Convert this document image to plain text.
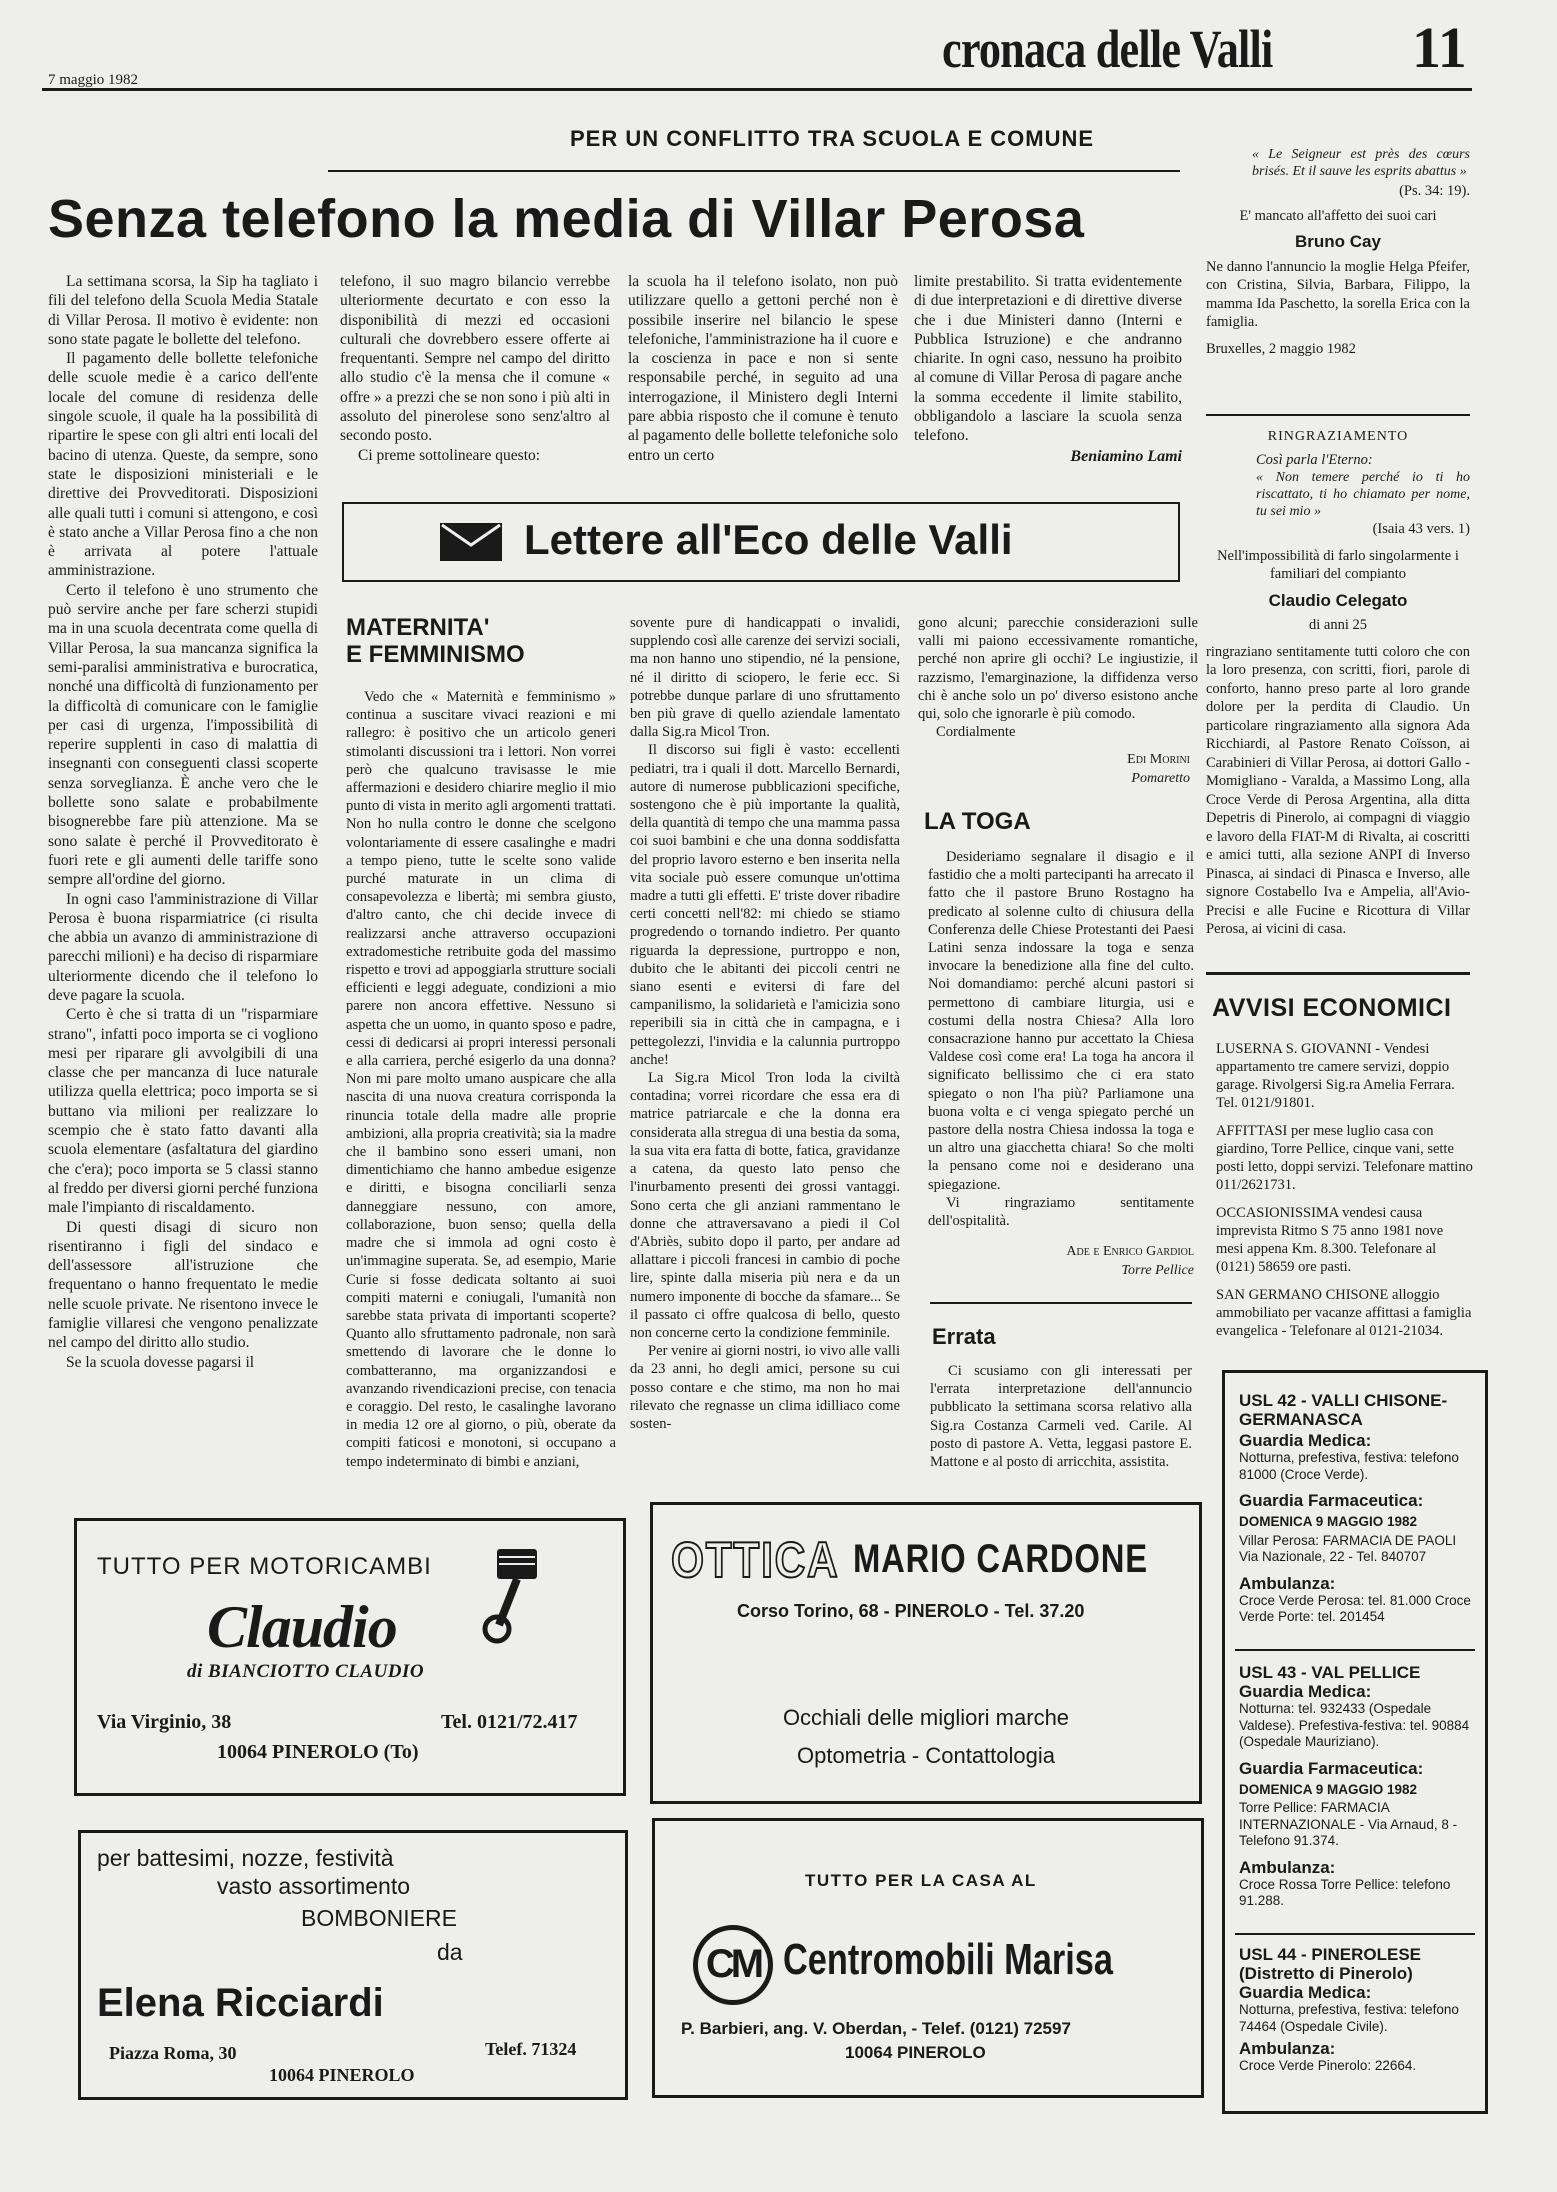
7 maggio 1982
cronaca delle Valli 11
PER UN CONFLITTO TRA SCUOLA E COMUNE
Senza telefono la media di Villar Perosa

La settimana scorsa, la Sip ha tagliato i fili del telefono della Scuola Media Statale di Villar Perosa. Il motivo è evidente: non sono state pagate le bollette del telefono.

Il pagamento delle bollette telefoniche delle scuole medie è a carico dell'ente locale del comune di residenza delle singole scuole, il quale ha la possibilità di ripartire le spese con gli altri enti locali del bacino di utenza. Queste, da sempre, sono state le disposizioni ministeriali e le direttive dei Provveditorati. Disposizioni alle quali tutti i comuni si attengono, e così è stato anche a Villar Perosa fino a che non è arrivata al potere l'attuale amministrazione.

Certo il telefono è uno strumento che può servire anche per fare scherzi stupidi ma in una scuola decentrata come quella di Villar Perosa, la sua mancanza significa la semi-paralisi amministrativa e burocratica, nonché una difficoltà di funzionamento per la difficoltà di comunicare con le famiglie per casi di urgenza, l'impossibilità di reperire supplenti in caso di malattia di insegnanti con conseguenti classi scoperte senza sorveglianza. È anche vero che le bollette sono salate e probabilmente bisognerebbe fare più attenzione. Ma se sono salate è perché il Provveditorato è fuori rete e gli aumenti delle tariffe sono sempre all'ordine del giorno.

In ogni caso l'amministrazione di Villar Perosa è buona risparmiatrice (ci risulta che abbia un avanzo di amministrazione di parecchi milioni) e ha deciso di risparmiare ulteriormente dicendo che il telefono lo deve pagare la scuola.

Certo è che si tratta di un "risparmiare strano", infatti poco importa se ci vogliono mesi per riparare gli avvolgibili di una classe che per mancanza di luce naturale utilizza quella elettrica; poco importa se si buttano via milioni per realizzare lo scempio che è stato fatto davanti alla scuola elementare (asfaltatura del giardino che c'era); poco importa se 5 classi stanno al freddo per diversi giorni perché funziona male l'impianto di riscaldamento.

Di questi disagi di sicuro non risentiranno i figli del sindaco e dell'assessore all'istruzione che frequentano o hanno frequentato le medie nelle scuole private. Ne risentono invece le famiglie villaresi che vengono penalizzate nel campo del diritto allo studio.

Se la scuola dovesse pagarsi il

telefono, il suo magro bilancio verrebbe ulteriormente decurtato e con esso la disponibilità di mezzi ed occasioni culturali che dovrebbero essere offerte ai frequentanti. Sempre nel campo del diritto allo studio c'è la mensa che il comune « offre » a prezzi che se non sono i più alti in assoluto del pinerolese sono senz'altro al secondo posto.

Ci preme sottolineare questo:

la scuola ha il telefono isolato, non può utilizzare quello a gettoni perché non è possibile inserire nel bilancio le spese telefoniche, l'amministrazione ha il cuore e la coscienza in pace e non si sente responsabile perché, in seguito ad una interrogazione, il Ministero degli Interni pare abbia risposto che il comune è tenuto al pagamento delle bollette telefoniche solo entro un certo

limite prestabilito. Si tratta evidentemente di due interpretazioni e di direttive diverse che i due Ministeri danno (Interni e Pubblica Istruzione) e che andranno chiarite. In ogni caso, nessuno ha proibito al comune di Villar Perosa di pagare anche la somma eccedente il limite stabilito, obbligandolo a lasciare la scuola senza telefono.

Beniamino Lami
Lettere all'Eco delle Valli
MATERNITA'
E FEMMINISMO

Vedo che « Maternità e femminismo » continua a suscitare vivaci reazioni e mi rallegro: è positivo che un articolo generi stimolanti discussioni tra i lettori. Non vorrei però che qualcuno travisasse le mie affermazioni e desidero chiarire meglio il mio punto di vista in merito agli argomenti trattati. Non ho nulla contro le donne che scelgono volontariamente di essere casalinghe e madri a tempo pieno, tutte le scelte sono valide purché maturate in un clima di consapevolezza e libertà; mi sembra giusto, d'altro canto, che chi decide invece di realizzarsi anche attraverso occupazioni extradomestiche retribuite goda del massimo rispetto e trovi ad appoggiarla strutture sociali efficienti e leggi adeguate, condizioni a mio parere non ancora effettive. Nessuno si aspetta che un uomo, in quanto sposo e padre, cessi di dedicarsi ai propri interessi personali e alla carriera, perché esigerlo da una donna? Non mi pare molto umano auspicare che alla nascita di una nuova creatura corrisponda la rinuncia totale della madre alle proprie ambizioni, alla propria creatività; sia la madre che il bambino sono esseri umani, non dimentichiamo che hanno ambedue esigenze e diritti, e bisogna conciliarli senza danneggiare nessuno, con amore, collaborazione, buon senso; quella della madre che si immola ad ogni costo è un'immagine superata. Se, ad esempio, Marie Curie si fosse dedicata soltanto ai suoi compiti materni e coniugali, l'umanità non sarebbe stata privata di importanti scoperte? Quanto allo sfruttamento padronale, non sarà smettendo di lavorare che le donne lo combatteranno, ma organizzandosi e avanzando rivendicazioni precise, con tenacia e coraggio. Del resto, le casalinghe lavorano in media 12 ore al giorno, o più, oberate da compiti faticosi e monotoni, si occupano a tempo indeterminato di bimbi e anziani,

sovente pure di handicappati o invalidi, supplendo così alle carenze dei servizi sociali, ma non hanno uno stipendio, né la pensione, né il diritto di sciopero, le ferie ecc. Si potrebbe dunque parlare di uno sfruttamento ben più grave di quello aziendale lamentato dalla Sig.ra Micol Tron.

Il discorso sui figli è vasto: eccellenti pediatri, tra i quali il dott. Marcello Bernardi, autore di numerose pubblicazioni specifiche, sostengono che è più importante la qualità, della quantità di tempo che una mamma passa coi suoi bambini e che una donna soddisfatta del proprio lavoro esterno e ben inserita nella vita sociale può essere comunque un'ottima madre a tutti gli effetti. E' triste dover ribadire certi concetti nell'82: mi chiedo se stiamo progredendo o tornando indietro. Per quanto riguarda la depressione, purtroppo e non, dubito che le abitanti dei piccoli centri ne siano esenti e evitersi di fare del campanilismo, la solidarietà e l'amicizia sono reperibili sia in città che in campagna, e i pettegolezzi, l'invidia e la calunnia purtroppo anche!

La Sig.ra Micol Tron loda la civiltà contadina; vorrei ricordare che essa era di matrice patriarcale e che la donna era considerata alla stregua di una bestia da soma, la sua vita era fatta di botte, fatica, gravidanze a catena, da questo lato penso che l'inurbamento presenti dei grossi vantaggi. Sono certa che gli anziani rammentano le donne che attraversavano a piedi il Col d'Abriès, subito dopo il parto, per andare ad allattare i piccoli francesi in cambio di poche lire, spinte dalla miseria più nera e da un numero imponente di bocche da sfamare... Se il passato ci offre qualcosa di bello, questo non concerne certo la condizione femminile.

Per venire ai giorni nostri, io vivo alle valli da 23 anni, ho degli amici, persone su cui posso contare e che stimo, ma non ho mai rilevato che regnasse un clima idilliaco come sosten-

gono alcuni; parecchie considerazioni sulle valli mi paiono eccessivamente romantiche, perché non aprire gli occhi? Le ingiustizie, il razzismo, l'emarginazione, la diffidenza verso chi è anche solo un po' diverso esistono anche qui, solo che ignorarle è più comodo.

Cordialmente

Edi Morini
Pomaretto
LA TOGA

Desideriamo segnalare il disagio e il fastidio che a molti partecipanti ha arrecato il fatto che il pastore Bruno Rostagno ha predicato al solenne culto di chiusura della Conferenza delle Chiese Protestanti dei Paesi Latini senza indossare la toga e senza invocare la benedizione alla fine del culto. Noi domandiamo: perché alcuni pastori si permettono di cambiare liturgia, usi e costumi della nostra Chiesa? Alla loro consacrazione hanno pur accettato la Chiesa Valdese così come era! La toga ha ancora il significato bellissimo che ci era stato spiegato o non l'ha più? Parliamone una buona volta e ci venga spiegato perché un pastore della nostra Chiesa indossa la toga e un altro una giacchetta chiara! So che molti la pensano come noi e desiderano una spiegazione.

Vi ringraziamo sentitamente dell'ospitalità.

Ade e Enrico Gardiol
Torre Pellice
Errata

Ci scusiamo con gli interessati per l'errata interpretazione dell'annuncio pubblicato la settimana scorsa relativo alla Sig.ra Costanza Carmeli ved. Carile. Al posto di pastore A. Vetta, leggasi pastore E. Mattone e al posto di arricchita, assistita.

« Le Seigneur est près des cœurs brisés. Et il sauve les esprits abattus »
(Ps. 34: 19).
E' mancato all'affetto dei suoi cari
Bruno Cay
Ne danno l'annuncio la moglie Helga Pfeifer, con Cristina, Silvia, Barbara, Filippo, la mamma Ida Paschetto, la sorella Erica con la famiglia.
Bruxelles, 2 maggio 1982
RINGRAZIAMENTO
Così parla l'Eterno:
« Non temere perché io ti ho riscattato, ti ho chiamato per nome, tu sei mio »
(Isaia 43 vers. 1)
Nell'impossibilità di farlo singolarmente i familiari del compianto
Claudio Celegato
di anni 25
ringraziano sentitamente tutti coloro che con la loro presenza, con scritti, fiori, parole di conforto, hanno preso parte al loro grande dolore per la perdita di Claudio. Un particolare ringraziamento alla signora Ada Ricchiardi, al Pastore Renato Coïsson, ai Carabinieri di Villar Perosa, ai dottori Gallo - Momigliano - Varalda, a Massimo Long, alla Croce Verde di Perosa Argentina, alla ditta Depetris di Pinerolo, ai compagni di viaggio e lavoro della FIAT-M di Rivalta, ai coscritti e amici tutti, alla sezione ANPI di Inverso Pinasca, ai sindaci di Pinasca e Inverso, alle signore Costabello Iva e Ampelia, all'Avio-Precisi e alle Fucine e Ricottura di Villar Perosa, ai vicini di casa.
AVVISI ECONOMICI

LUSERNA S. GIOVANNI - Vendesi appartamento tre camere servizi, doppio garage. Rivolgersi Sig.ra Amelia Ferrara. Tel. 0121/91801.

AFFITTASI per mese luglio casa con giardino, Torre Pellice, cinque vani, sette posti letto, doppi servizi. Telefonare mattino 011/2621731.

OCCASIONISSIMA vendesi causa imprevista Ritmo S 75 anno 1981 nove mesi appena Km. 8.300. Telefonare al (0121) 58659 ore pasti.

SAN GERMANO CHISONE alloggio ammobiliato per vacanze affittasi a famiglia evangelica - Telefonare al 0121-21034.

USL 42 - VALLI CHISONE-GERMANASCA
Guardia Medica:
Notturna, prefestiva, festiva: telefono 81000 (Croce Verde).
Guardia Farmaceutica:
DOMENICA 9 MAGGIO 1982
Villar Perosa: FARMACIA DE PAOLI Via Nazionale, 22 - Tel. 840707
Ambulanza:
Croce Verde Perosa: tel. 81.000 Croce Verde Porte: tel. 201454
USL 43 - VAL PELLICE
Guardia Medica:
Notturna: tel. 932433 (Ospedale Valdese). Prefestiva-festiva: tel. 90884 (Ospedale Mauriziano).
Guardia Farmaceutica:
DOMENICA 9 MAGGIO 1982
Torre Pellice: FARMACIA INTERNAZIONALE - Via Arnaud, 8 - Telefono 91.374.
Ambulanza:
Croce Rossa Torre Pellice: telefono 91.288.
USL 44 - PINEROLESE (Distretto di Pinerolo)
Guardia Medica:
Notturna, prefestiva, festiva: telefono 74464 (Ospedale Civile).
Ambulanza:
Croce Verde Pinerolo: 22664.
TUTTO PER MOTORICAMBI
Claudio
di BIANCIOTTO CLAUDIO
Via Virginio, 38	Tel. 0121/72.417
10064 PINEROLO (To)
OTTICA MARIO CARDONE
Corso Torino, 68 - PINEROLO - Tel. 37.20
Occhiali delle migliori marche
Optometria - Contattologia
per battesimi, nozze, festività
vasto assortimento
BOMBONIERE
da
Elena Ricciardi
Piazza Roma, 30
10064 PINEROLO
Telef. 71324
TUTTO PER LA CASA AL
CM Centromobili Marisa
P. Barbieri, ang. V. Oberdan, - Telef. (0121) 72597
10064 PINEROLO
